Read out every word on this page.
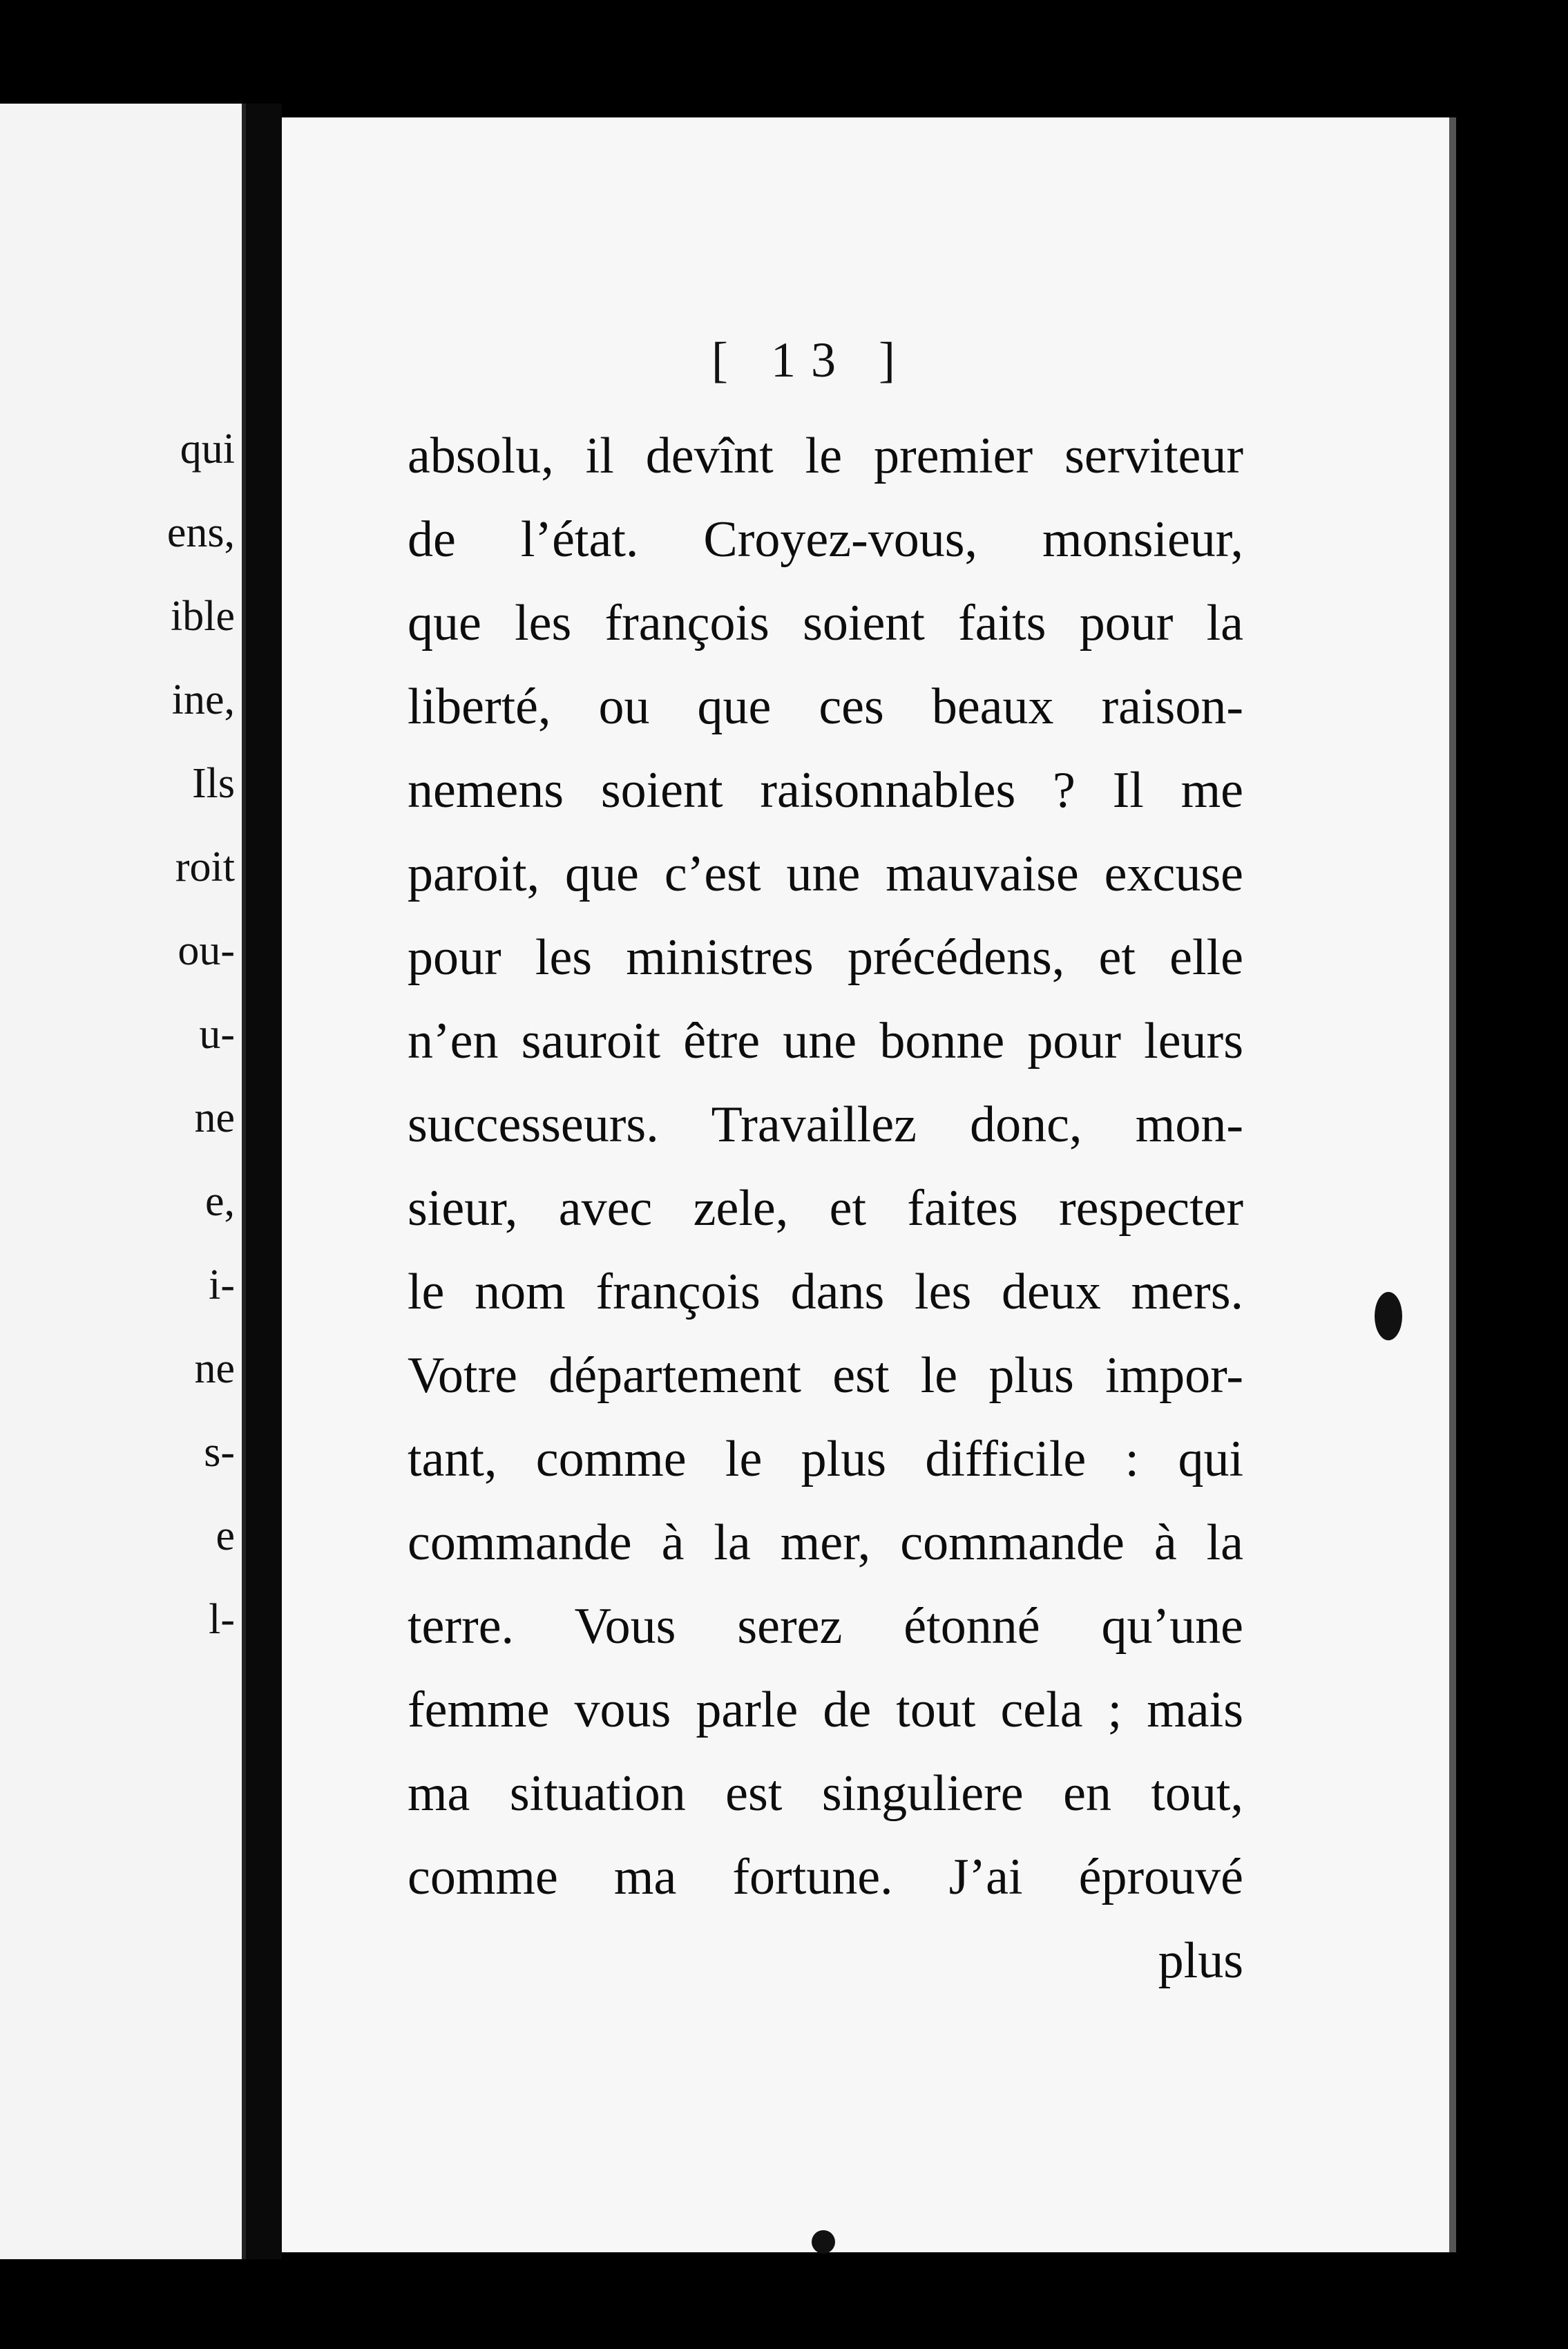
qui
ens,
ible
ine,
Ils
roit
ou-
u-
ne
e,
i-
ne
s-
e
l-
[ 13 ]
absolu, il devînt le premier serviteur
de l’état. Croyez-vous, monsieur,
que les françois soient faits pour la
liberté, ou que ces beaux raison-
nemens soient raisonnables ? Il me
paroit, que c’est une mauvaise excuse
pour les ministres précédens, et elle
n’en sauroit être une bonne pour leurs
successeurs. Travaillez donc, mon-
sieur, avec zele, et faites respecter
le nom françois dans les deux mers.
Votre département est le plus impor-
tant, comme le plus difficile : qui
commande à la mer, commande à la
terre. Vous serez étonné qu’une
femme vous parle de tout cela ; mais
ma situation est singuliere en tout,
comme ma fortune. J’ai éprouvé
plus
